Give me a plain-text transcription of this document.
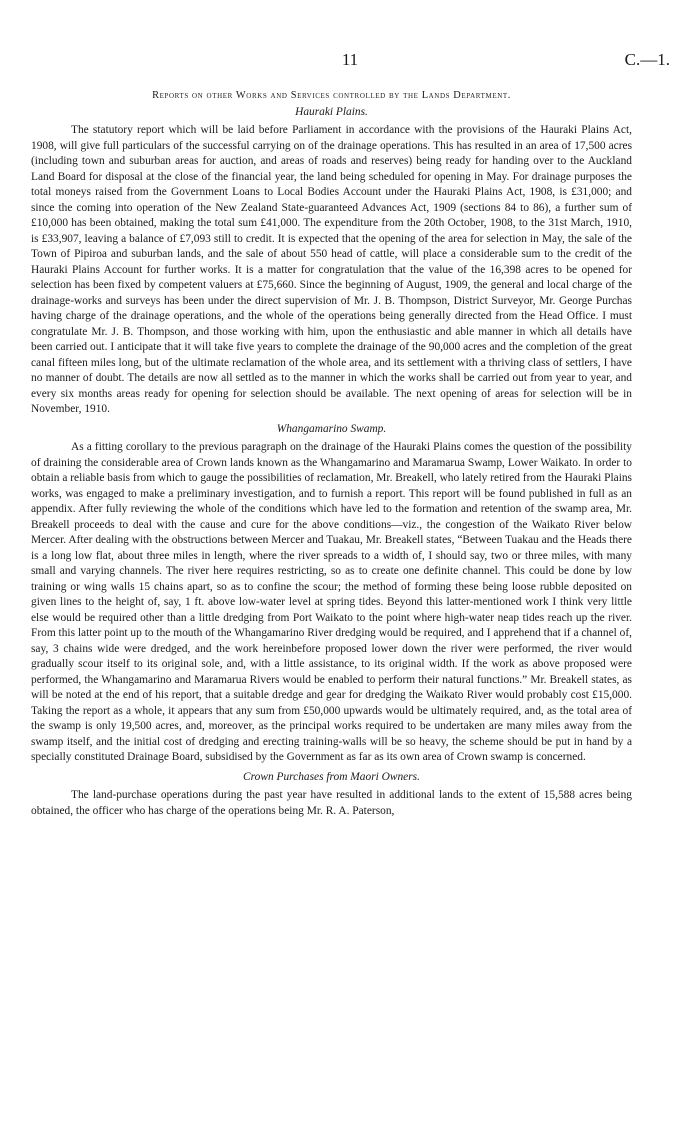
11	C.—1.
Reports on other Works and Services controlled by the Lands Department.
Hauraki Plains.

The statutory report which will be laid before Parliament in accordance with the provisions of the Hauraki Plains Act, 1908, will give full particulars of the successful carrying on of the drainage operations. This has resulted in an area of 17,500 acres (including town and suburban areas for auction, and areas of roads and reserves) being ready for handing over to the Auckland Land Board for disposal at the close of the financial year, the land being scheduled for opening in May. For drainage purposes the total moneys raised from the Government Loans to Local Bodies Account under the Hauraki Plains Act, 1908, is £31,000; and since the coming into operation of the New Zealand State-guaranteed Advances Act, 1909 (sections 84 to 86), a further sum of £10,000 has been obtained, making the total sum £41,000. The expenditure from the 20th October, 1908, to the 31st March, 1910, is £33,907, leaving a balance of £7,093 still to credit. It is expected that the opening of the area for selection in May, the sale of the Town of Pipiroa and suburban lands, and the sale of about 550 head of cattle, will place a considerable sum to the credit of the Hauraki Plains Account for further works. It is a matter for congratulation that the value of the 16,398 acres to be opened for selection has been fixed by competent valuers at £75,660. Since the beginning of August, 1909, the general and local charge of the drainage-works and surveys has been under the direct supervision of Mr. J. B. Thompson, District Surveyor, Mr. George Purchas having charge of the drainage operations, and the whole of the operations being generally directed from the Head Office. I must congratulate Mr. J. B. Thompson, and those working with him, upon the enthusiastic and able manner in which all details have been carried out. I anticipate that it will take five years to complete the drainage of the 90,000 acres and the completion of the great canal fifteen miles long, but of the ultimate reclamation of the whole area, and its settlement with a thriving class of settlers, I have no manner of doubt. The details are now all settled as to the manner in which the works shall be carried out from year to year, and every six months areas ready for opening for selection should be available. The next opening of areas for selection will be in November, 1910.

Whangamarino Swamp.

As a fitting corollary to the previous paragraph on the drainage of the Hauraki Plains comes the question of the possibility of draining the considerable area of Crown lands known as the Whangamarino and Maramarua Swamp, Lower Waikato. In order to obtain a reliable basis from which to gauge the possibilities of reclamation, Mr. Breakell, who lately retired from the Hauraki Plains works, was engaged to make a preliminary investigation, and to furnish a report. This report will be found published in full as an appendix. After fully reviewing the whole of the conditions which have led to the formation and retention of the swamp area, Mr. Breakell proceeds to deal with the cause and cure for the above conditions—viz., the congestion of the Waikato River below Mercer. After dealing with the obstructions between Mercer and Tuakau, Mr. Breakell states, “Between Tuakau and the Heads there is a long low flat, about three miles in length, where the river spreads to a width of, I should say, two or three miles, with many small and varying channels. The river here requires restricting, so as to create one definite channel. This could be done by low training or wing walls 15 chains apart, so as to confine the scour; the method of forming these being loose rubble deposited on given lines to the height of, say, 1 ft. above low-water level at spring tides. Beyond this latter-mentioned work I think very little else would be required other than a little dredging from Port Waikato to the point where high-water neap tides reach up the river. From this latter point up to the mouth of the Whangamarino River dredging would be required, and I apprehend that if a channel of, say, 3 chains wide were dredged, and the work hereinbefore proposed lower down the river were performed, the river would gradually scour itself to its original sole, and, with a little assistance, to its original width. If the work as above proposed were performed, the Whangamarino and Maramarua Rivers would be enabled to perform their natural functions.” Mr. Breakell states, as will be noted at the end of his report, that a suitable dredge and gear for dredging the Waikato River would probably cost £15,000. Taking the report as a whole, it appears that any sum from £50,000 upwards would be ultimately required, and, as the total area of the swamp is only 19,500 acres, and, moreover, as the principal works required to be undertaken are many miles away from the swamp itself, and the initial cost of dredging and erecting training-walls will be so heavy, the scheme should be put in hand by a specially constituted Drainage Board, subsidised by the Government as far as its own area of Crown swamp is concerned.

Crown Purchases from Maori Owners.

The land-purchase operations during the past year have resulted in additional lands to the extent of 15,588 acres being obtained, the officer who has charge of the operations being Mr. R. A. Paterson,
